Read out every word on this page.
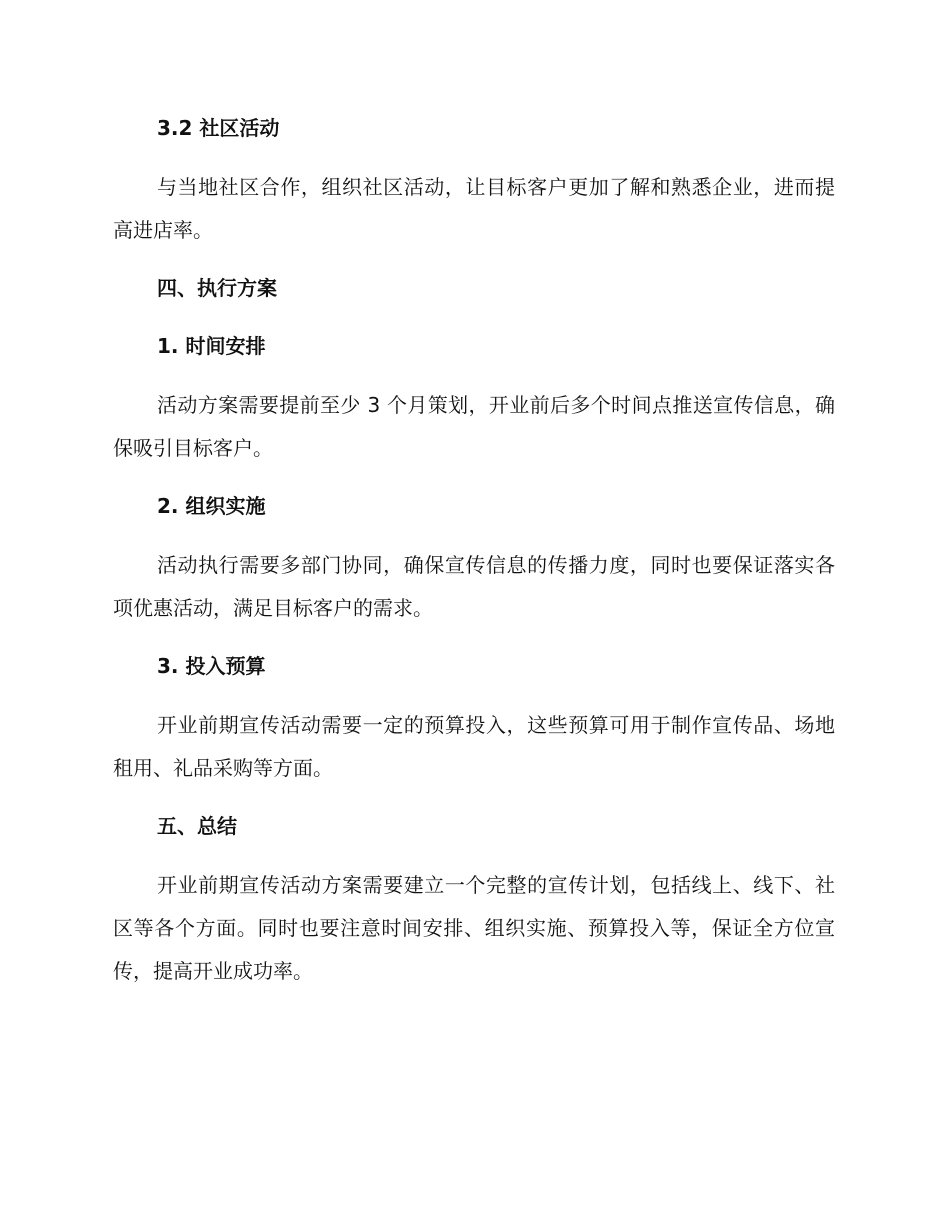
3.2 社区活动

与当地社区合作，组织社区活动，让目标客户更加了解和熟悉企业，进而提高进店率。

四、执行方案
1. 时间安排

活动方案需要提前至少 3 个月策划，开业前后多个时间点推送宣传信息，确保吸引目标客户。

2. 组织实施

活动执行需要多部门协同，确保宣传信息的传播力度，同时也要保证落实各项优惠活动，满足目标客户的需求。

3. 投入预算

开业前期宣传活动需要一定的预算投入，这些预算可用于制作宣传品、场地租用、礼品采购等方面。

五、总结

开业前期宣传活动方案需要建立一个完整的宣传计划，包括线上、线下、社区等各个方面。同时也要注意时间安排、组织实施、预算投入等，保证全方位宣传，提高开业成功率。
